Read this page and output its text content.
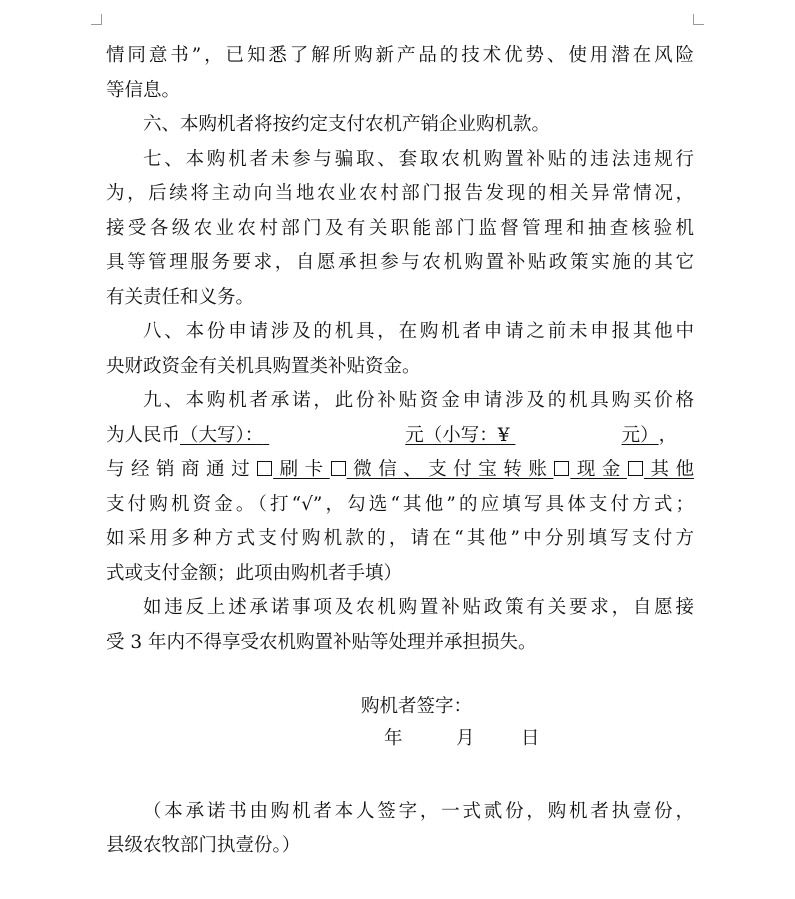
情同意书”，已知悉了解所购新产品的技术优势、使用潜在风险
等信息。
六、本购机者将按约定支付农机产销企业购机款。
七、本购机者未参与骗取、套取农机购置补贴的违法违规行
为，后续将主动向当地农业农村部门报告发现的相关异常情况，
接受各级农业农村部门及有关职能部门监督管理和抽查核验机
具等管理服务要求，自愿承担参与农机购置补贴政策实施的其它
有关责任和义务。
八、本份申请涉及的机具，在购机者申请之前未申报其他中
央财政资金有关机具购置类补贴资金。
九、本购机者承诺，此份补贴资金申请涉及的机具购买价格
为人民币 （大写）：
	元（小写：¥
	元） ，
与经销商通过 刷卡 微信、支付宝转账 现金 其他
支付购机资金。（打“√”，勾选“其他”的应填写具体支付方式；
如采用多种方式支付购机款的，请在“其他”中分别填写支付方
式或支付金额；此项由购机者手填）
如违反上述承诺事项及农机购置补贴政策有关要求，自愿接
受 3 年内不得享受农机购置补贴等处理并承担损失。
购机者签字：
年	月	日
（本承诺书由购机者本人签字，一式贰份，购机者执壹份，
县级农牧部门执壹份。）
